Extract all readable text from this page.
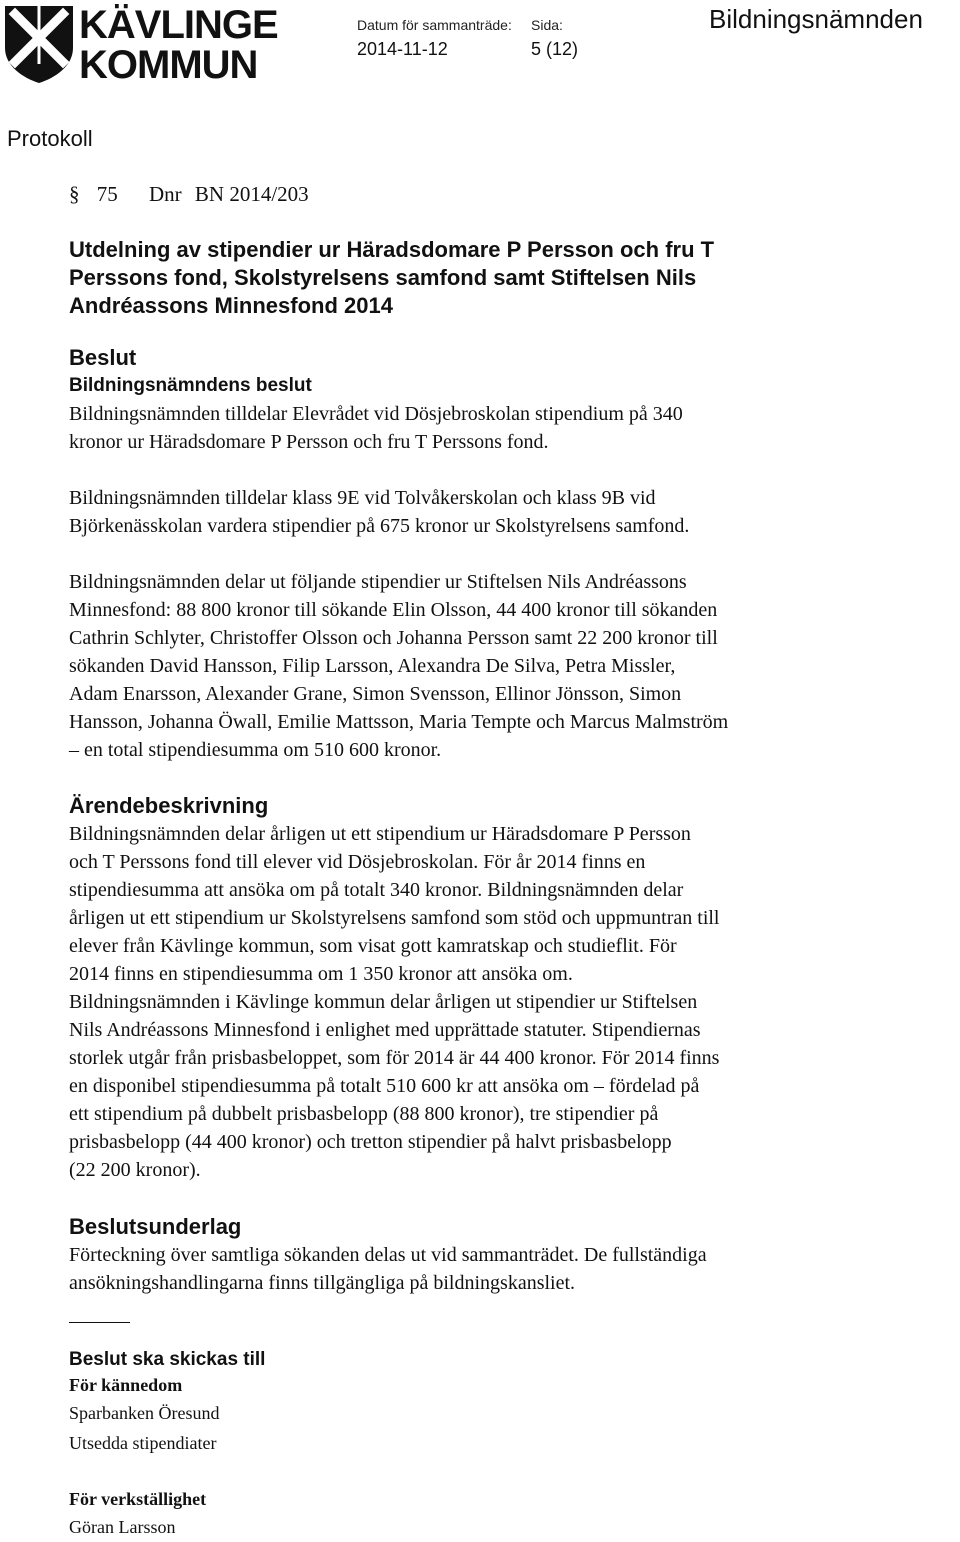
KÄVLINGE
KOMMUN
Datum för sammanträde:
2014-11-12
Sida:
5 (12)
Bildningsnämnden
Protokoll
§ 75 Dnr BN 2014/203
Utdelning av stipendier ur Häradsdomare P Persson och fru T
Perssons fond, Skolstyrelsens samfond samt Stiftelsen Nils
Andréassons Minnesfond 2014
Beslut
Bildningsnämndens beslut
Bildningsnämnden tilldelar Elevrådet vid Dösjebroskolan stipendium på 340
kronor ur Häradsdomare P Persson och fru T Perssons fond.
Bildningsnämnden tilldelar klass 9E vid Tolvåkerskolan och klass 9B vid
Björkenässkolan vardera stipendier på 675 kronor ur Skolstyrelsens samfond.
Bildningsnämnden delar ut följande stipendier ur Stiftelsen Nils Andréassons
Minnesfond: 88 800 kronor till sökande Elin Olsson, 44 400 kronor till sökanden
Cathrin Schlyter, Christoffer Olsson och Johanna Persson samt 22 200 kronor till
sökanden David Hansson, Filip Larsson, Alexandra De Silva, Petra Missler,
Adam Enarsson, Alexander Grane, Simon Svensson, Ellinor Jönsson, Simon
Hansson, Johanna Öwall, Emilie Mattsson, Maria Tempte och Marcus Malmström
– en total stipendiesumma om 510 600 kronor.
Ärendebeskrivning
Bildningsnämnden delar årligen ut ett stipendium ur Häradsdomare P Persson
och T Perssons fond till elever vid Dösjebroskolan. För år 2014 finns en
stipendiesumma att ansöka om på totalt 340 kronor. Bildningsnämnden delar
årligen ut ett stipendium ur Skolstyrelsens samfond som stöd och uppmuntran till
elever från Kävlinge kommun, som visat gott kamratskap och studieflit. För
2014 finns en stipendiesumma om 1 350 kronor att ansöka om.
Bildningsnämnden i Kävlinge kommun delar årligen ut stipendier ur Stiftelsen
Nils Andréassons Minnesfond i enlighet med upprättade statuter. Stipendiernas
storlek utgår från prisbasbeloppet, som för 2014 är 44 400 kronor. För 2014 finns
en disponibel stipendiesumma på totalt 510 600 kr att ansöka om – fördelad på
ett stipendium på dubbelt prisbasbelopp (88 800 kronor), tre stipendier på
prisbasbelopp (44 400 kronor) och tretton stipendier på halvt prisbasbelopp
(22 200 kronor).
Beslutsunderlag
Förteckning över samtliga sökanden delas ut vid sammanträdet. De fullständiga
ansökningshandlingarna finns tillgängliga på bildningskansliet.
Beslut ska skickas till
För kännedom
Sparbanken Öresund
Utsedda stipendiater
För verkställighet
Göran Larsson
